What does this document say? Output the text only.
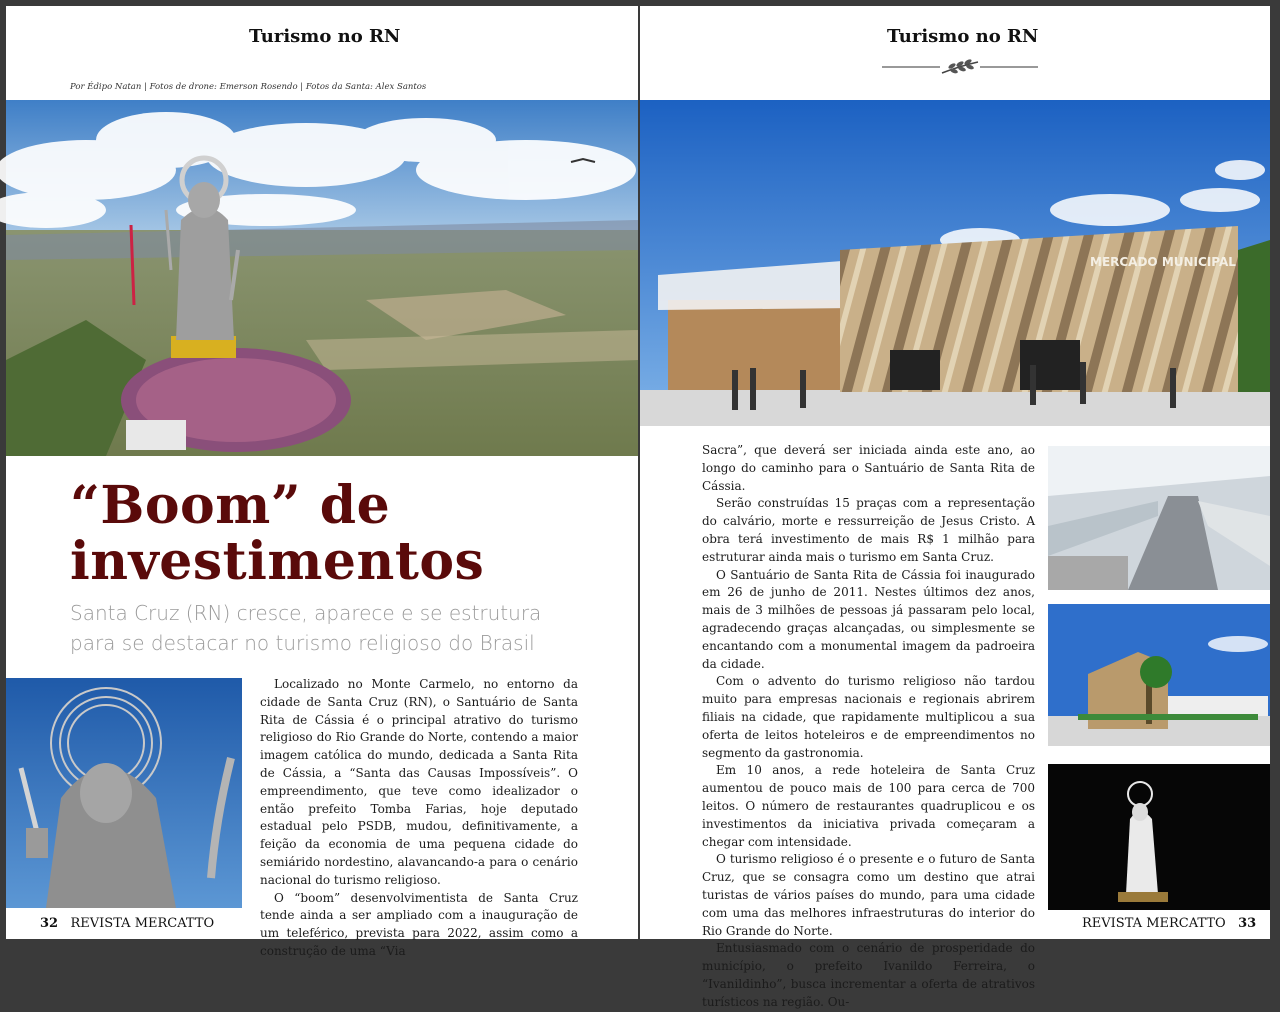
Turismo no RN
Por Édipo Natan | Fotos de drone: Emerson Rosendo | Fotos da Santa: Alex Santos
“Boom” de
investimentos

Santa Cruz (RN) cresce, aparece e se estrutura para se destacar no turismo religioso do Brasil

Localizado no Monte Carmelo, no entorno da cidade de Santa Cruz (RN), o Santuário de Santa Rita de Cássia é o principal atrativo do turismo religioso do Rio Grande do Norte, contendo a maior imagem católica do mundo, dedicada a Santa Rita de Cássia, a “Santa das Causas Impossíveis”. O empreendimento, que teve como idealizador o então prefeito Tomba Farias, hoje deputado estadual pelo PSDB, mudou, definitivamente, a feição da economia de uma pequena cidade do semiárido nordestino, alavancando-a para o cenário nacional do turismo religioso.

O “boom” desenvolvimentista de Santa Cruz tende ainda a ser ampliado com a inauguração de um teleférico, prevista para 2022, assim como a construção de uma “Via

32 REVISTA MERCATTO
Turismo no RN
MERCADO MUNICIPAL

Sacra”, que deverá ser iniciada ainda este ano, ao longo do caminho para o Santuário de Santa Rita de Cássia.

Serão construídas 15 praças com a representação do calvário, morte e ressurreição de Jesus Cristo. A obra terá investimento de mais R$ 1 milhão para estruturar ainda mais o turismo em Santa Cruz.

O Santuário de Santa Rita de Cássia foi inaugurado em 26 de junho de 2011. Nestes últimos dez anos, mais de 3 milhões de pessoas já passaram pelo local, agradecendo graças alcançadas, ou simplesmente se encantando com a monumental imagem da padroeira da cidade.

Com o advento do turismo religioso não tardou muito para empresas nacionais e regionais abrirem filiais na cidade, que rapidamente multiplicou a sua oferta de leitos hoteleiros e de empreendimentos no segmento da gastronomia.

Em 10 anos, a rede hoteleira de Santa Cruz aumentou de pouco mais de 100 para cerca de 700 leitos. O número de restaurantes quadruplicou e os investimentos da iniciativa privada começaram a chegar com intensidade.

O turismo religioso é o presente e o futuro de Santa Cruz, que se consagra como um destino que atrai turistas de vários países do mundo, para uma cidade com uma das melhores infraestruturas do interior do Rio Grande do Norte.

Entusiasmado com o cenário de prosperidade do município, o prefeito Ivanildo Ferreira, o “Ivanildinho”, busca incrementar a oferta de atrativos turísticos na região. Ou-

REVISTA MERCATTO 33
